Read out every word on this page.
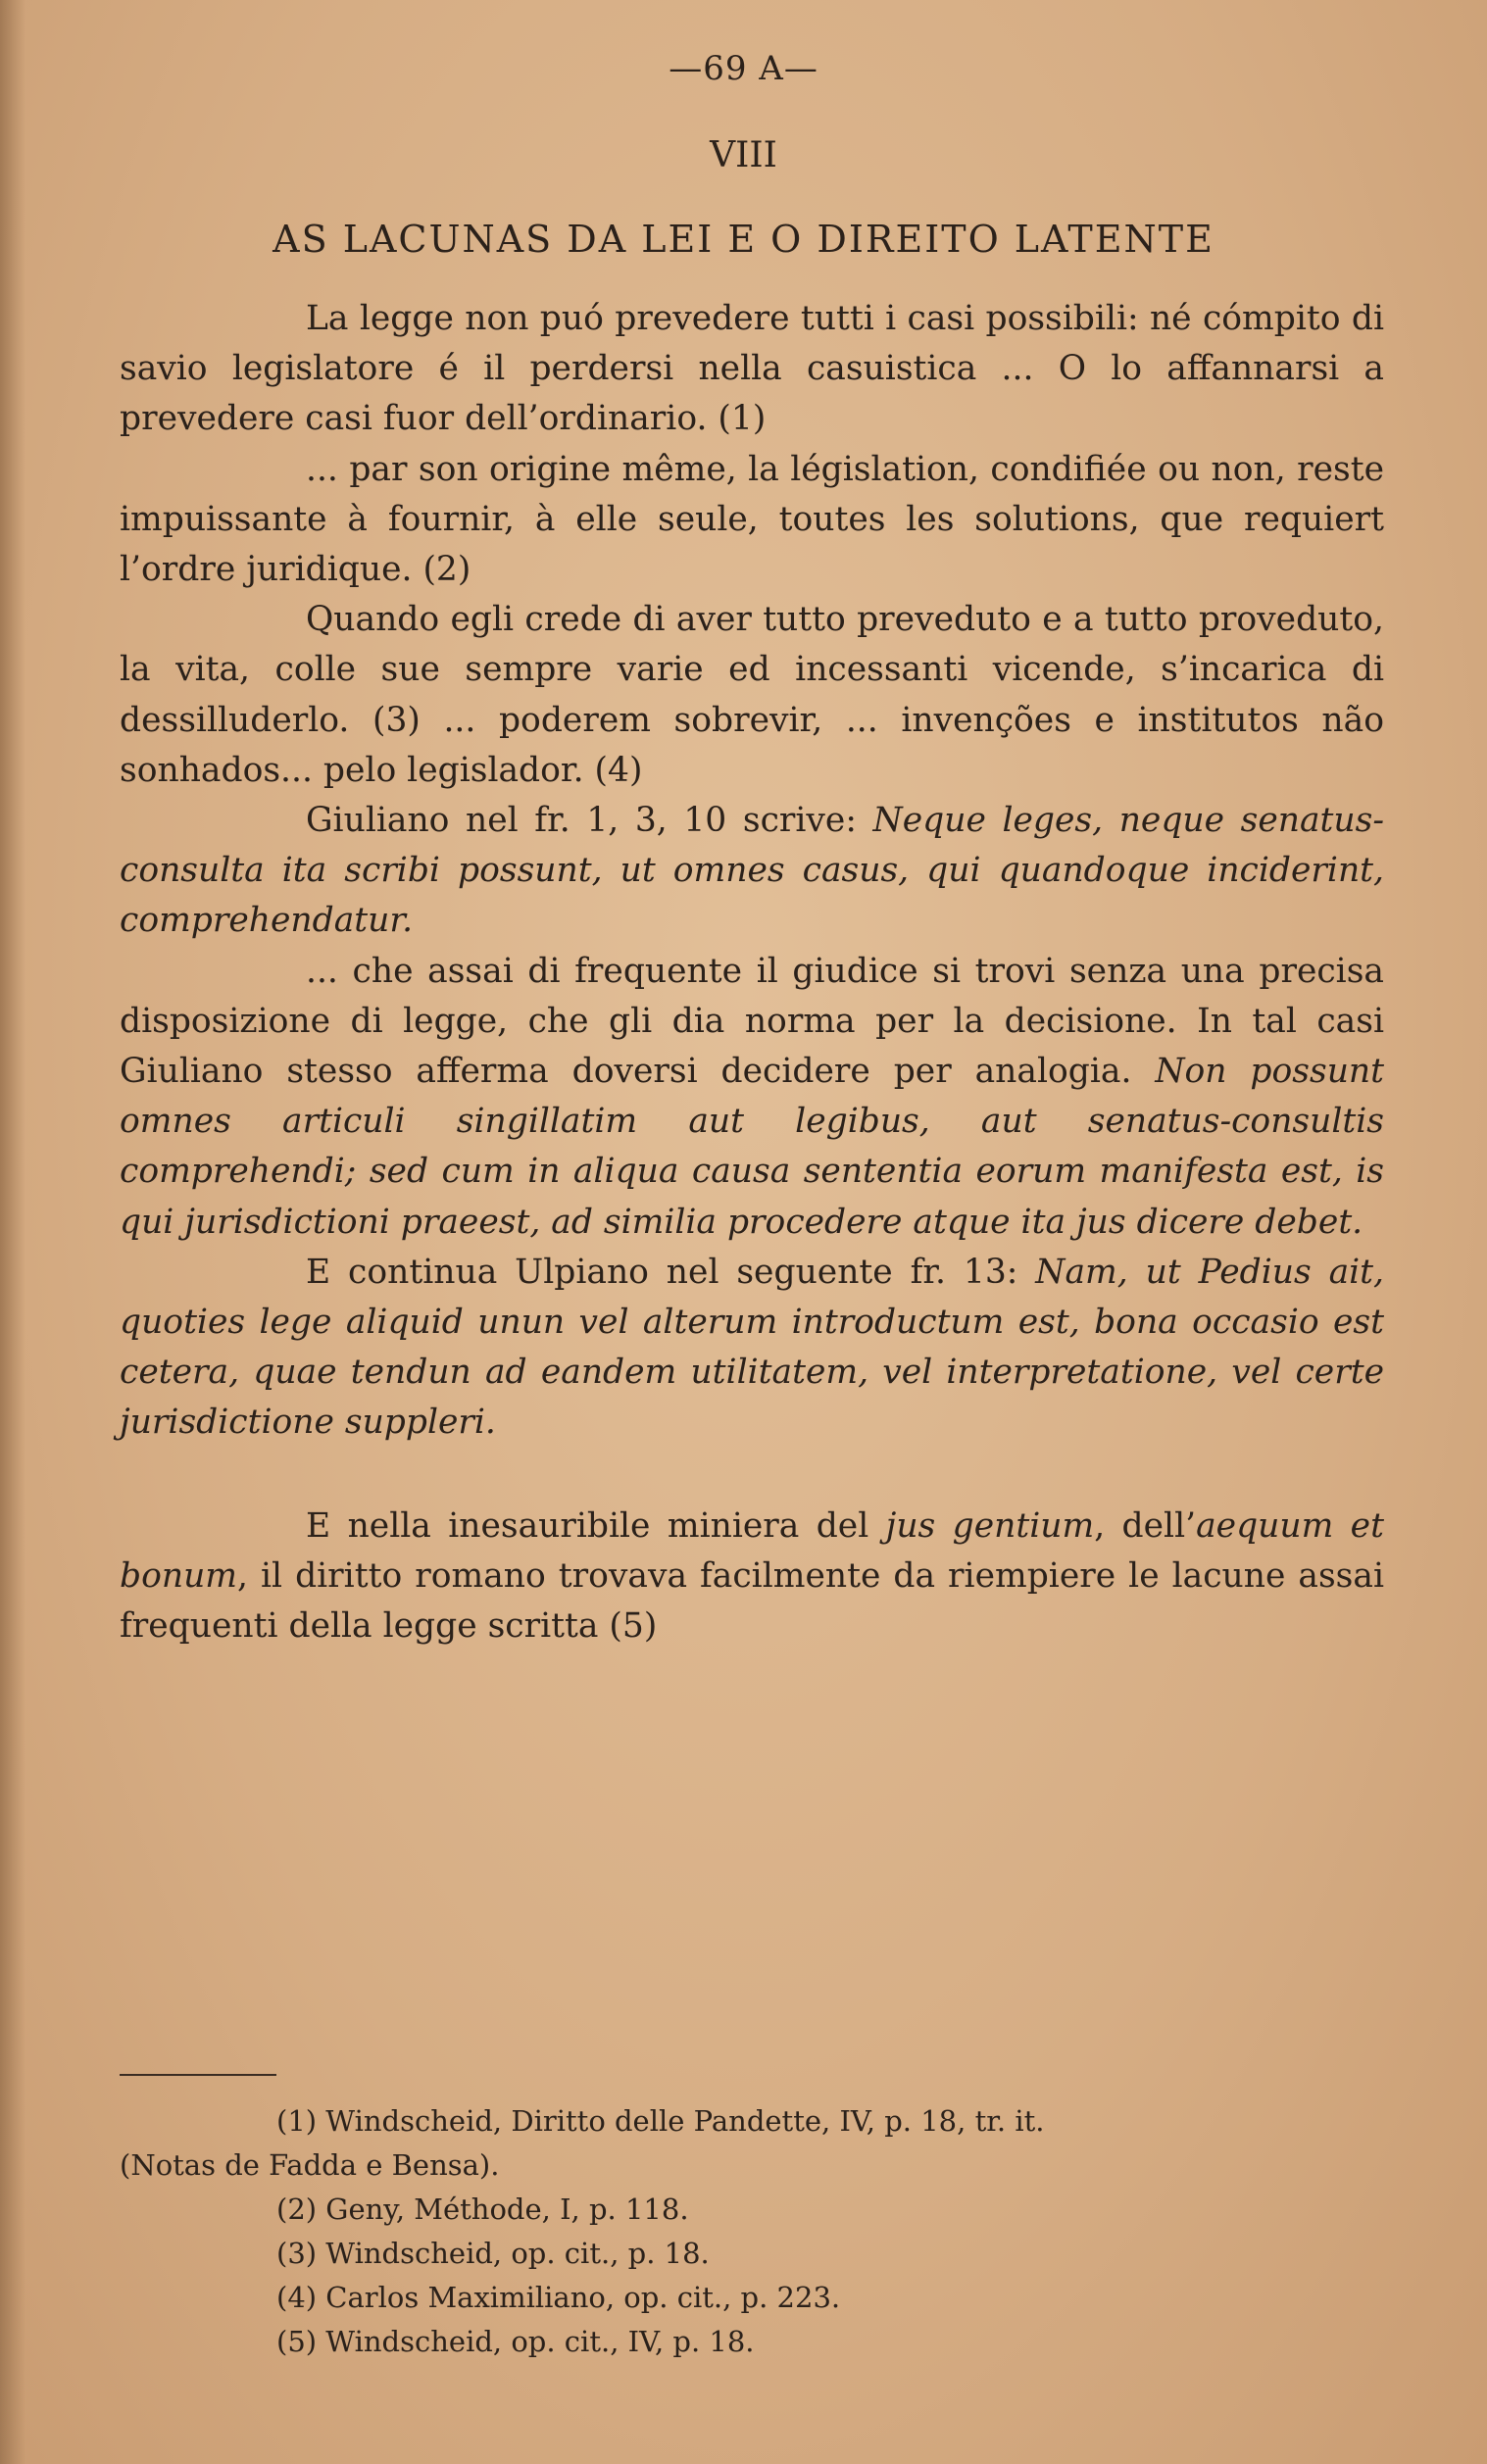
—69 A—
VIII
AS LACUNAS DA LEI E O DIREITO LATENTE

La legge non puó prevedere tutti i casi possibili: né cómpito di savio legislatore é il perdersi nella casuistica ... O lo affannarsi a prevedere casi fuor dell’ordinario. (1)

... par son origine même, la législation, condifiée ou non, reste impuissante à fournir, à elle seule, toutes les solutions, que requiert l’ordre juridique. (2)

Quando egli crede di aver tutto preveduto e a tutto proveduto, la vita, colle sue sempre varie ed incessanti vicende, s’incarica di dessilluderlo. (3) ... poderem sobrevir, ... invenções e institutos não sonhados... pelo legislador. (4)

Giuliano nel fr. 1, 3, 10 scrive: Neque leges, neque senatus-consulta ita scribi possunt, ut omnes casus, qui quandoque inciderint, comprehendatur.

... che assai di frequente il giudice si trovi senza una precisa disposizione di legge, che gli dia norma per la decisione. In tal casi Giuliano stesso afferma doversi decidere per analogia. Non possunt omnes articuli singillatim aut legibus, aut senatus-consultis comprehendi; sed cum in aliqua causa sententia eorum manifesta est, is qui jurisdictioni praeest, ad similia procedere atque ita jus dicere debet.

E continua Ulpiano nel seguente fr. 13: Nam, ut Pedius ait, quoties lege aliquid unun vel alterum introductum est, bona occasio est cetera, quae tendun ad eandem utilitatem, vel interpretatione, vel certe jurisdictione suppleri.

E nella inesauribile miniera del jus gentium, dell’aequum et bonum, il diritto romano trovava facilmente da riempiere le lacune assai frequenti della legge scritta (5)

(1) Windscheid, Diritto delle Pandette, IV, p. 18, tr. it.
(Notas de Fadda e Bensa).
(2) Geny, Méthode, I, p. 118.
(3) Windscheid, op. cit., p. 18.
(4) Carlos Maximiliano, op. cit., p. 223.
(5) Windscheid, op. cit., IV, p. 18.
